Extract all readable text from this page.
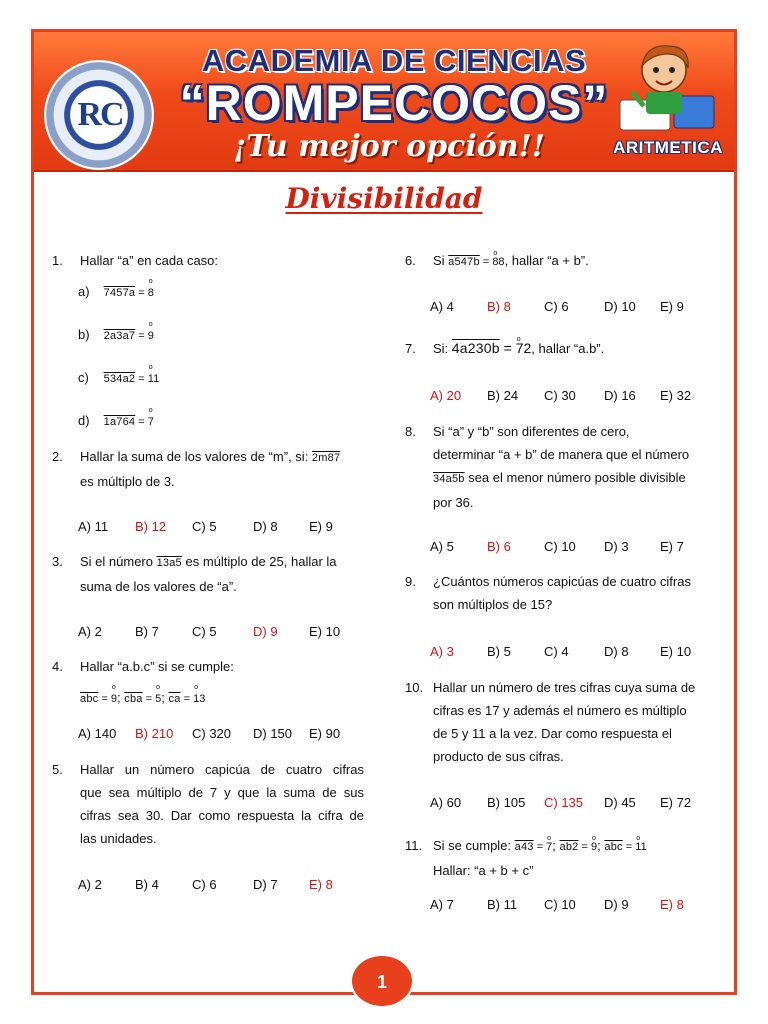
RC
ACADEMIA DE CIENCIAS
“ROMPECOCOS”
¡Tu mejor opción!!	ARITMETICA
Divisibilidad
1.	Hallar “a” en cada caso:
a) 7457a = o 8
b) 2a3a7 = o 9
c) 534a2 = o 11
d) 1a764 = o 7
2.	Hallar la suma de los valores de “m”, si: 2m87
es múltiplo de 3.
A) 11 B) 12 C) 5	D) 8 E) 9
3.	Si el número 13a5 es múltiplo de 25, hallar la
suma de los valores de “a”.
A) 2	B) 7	C) 5	D) 9 E) 10
4.	Hallar “a.b.c” si se cumple:
$\overline{abc} = o$ 9; $\overline{cba} = o$ 5; $\overline{ca} = o$ 13
A) 140 B) 210 C) 320 D) 150 E) 90
5.	Hallar un número capicúa de cuatro cifras
que sea múltiplo de 7 y que la suma de sus
cifras sea 30. Dar como respuesta la cifra de
las unidades.
A) 2	B) 4	C) 6	D) 7 E) 8
6.	Si a547b = o 88, hallar “a + b”.
A) 4	B) 8	C) 6	D) 10 E) 9
7.	Si: 4a230b = o 72, hallar “a.b”.
A) 20 B) 24 C) 30 D) 16 E) 32
8.	Si “a” y “b” son diferentes de cero,
determinar “a + b” de manera que el número
34a5b sea el menor número posible divisible
por 36.
A) 5	B) 6	C) 10 D) 3 E) 7
9.	¿Cuántos números capicúas de cuatro cifras
son múltiplos de 15?
A) 3	B) 5	C) 4	D) 8 E) 10
10. Hallar un número de tres cifras cuya suma de
cifras es 17 y además el número es múltiplo
de 5 y 11 a la vez. Dar como respuesta el
producto de sus cifras.
A) 60 B) 105 C) 135 D) 45 E) 72
11. Si se cumple: a43 = o 7; ab2 = o 9; $\overline{abc} = o$ 11
Hallar: “a + b + c”
A) 7	B) 11 C) 10 D) 9 E) 8
1
